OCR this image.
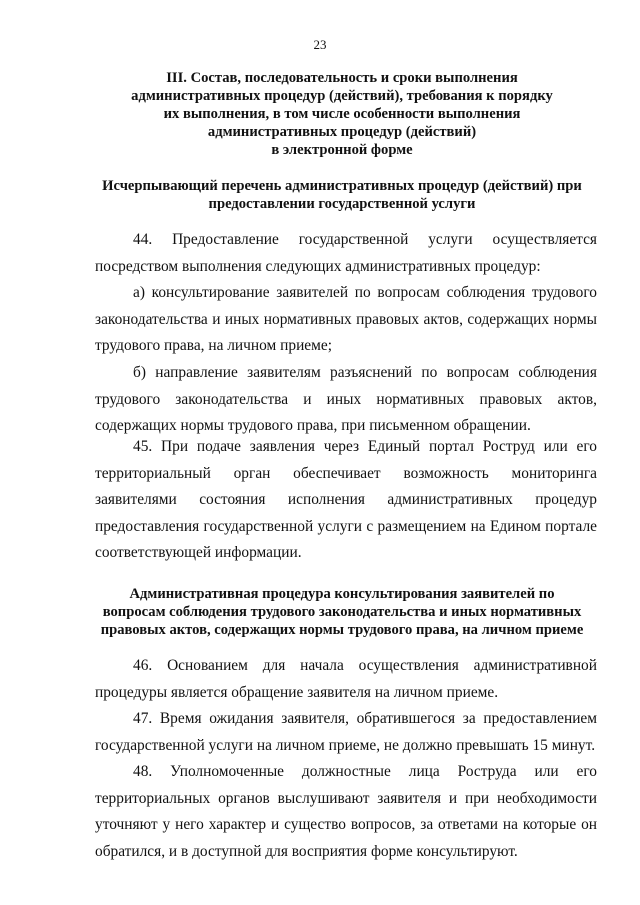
23
III. Состав, последовательность и сроки выполнения
административных процедур (действий), требования к порядку
их выполнения, в том числе особенности выполнения
административных процедур (действий)
в электронной форме
Исчерпывающий перечень административных процедур (действий) при
предоставлении государственной услуги

44. Предоставление государственной услуги осуществляется посредством выполнения следующих административных процедур:

а) консультирование заявителей по вопросам соблюдения трудового законодательства и иных нормативных правовых актов, содержащих нормы трудового права, на личном приеме;

б) направление заявителям разъяснений по вопросам соблюдения трудового законодательства и иных нормативных правовых актов, содержащих нормы трудового права, при письменном обращении.

45. При подаче заявления через Единый портал Роструд или его территориальный орган обеспечивает возможность мониторинга заявителями состояния исполнения административных процедур предоставления государственной услуги с размещением на Едином портале соответствующей информации.

Административная процедура консультирования заявителей по
вопросам соблюдения трудового законодательства и иных нормативных
правовых актов, содержащих нормы трудового права, на личном приеме

46. Основанием для начала осуществления административной процедуры является обращение заявителя на личном приеме.

47. Время ожидания заявителя, обратившегося за предоставлением государственной услуги на личном приеме, не должно превышать 15 минут.

48. Уполномоченные должностные лица Роструда или его территориальных органов выслушивают заявителя и при необходимости уточняют у него характер и существо вопросов, за ответами на которые он обратился, и в доступной для восприятия форме консультируют.
